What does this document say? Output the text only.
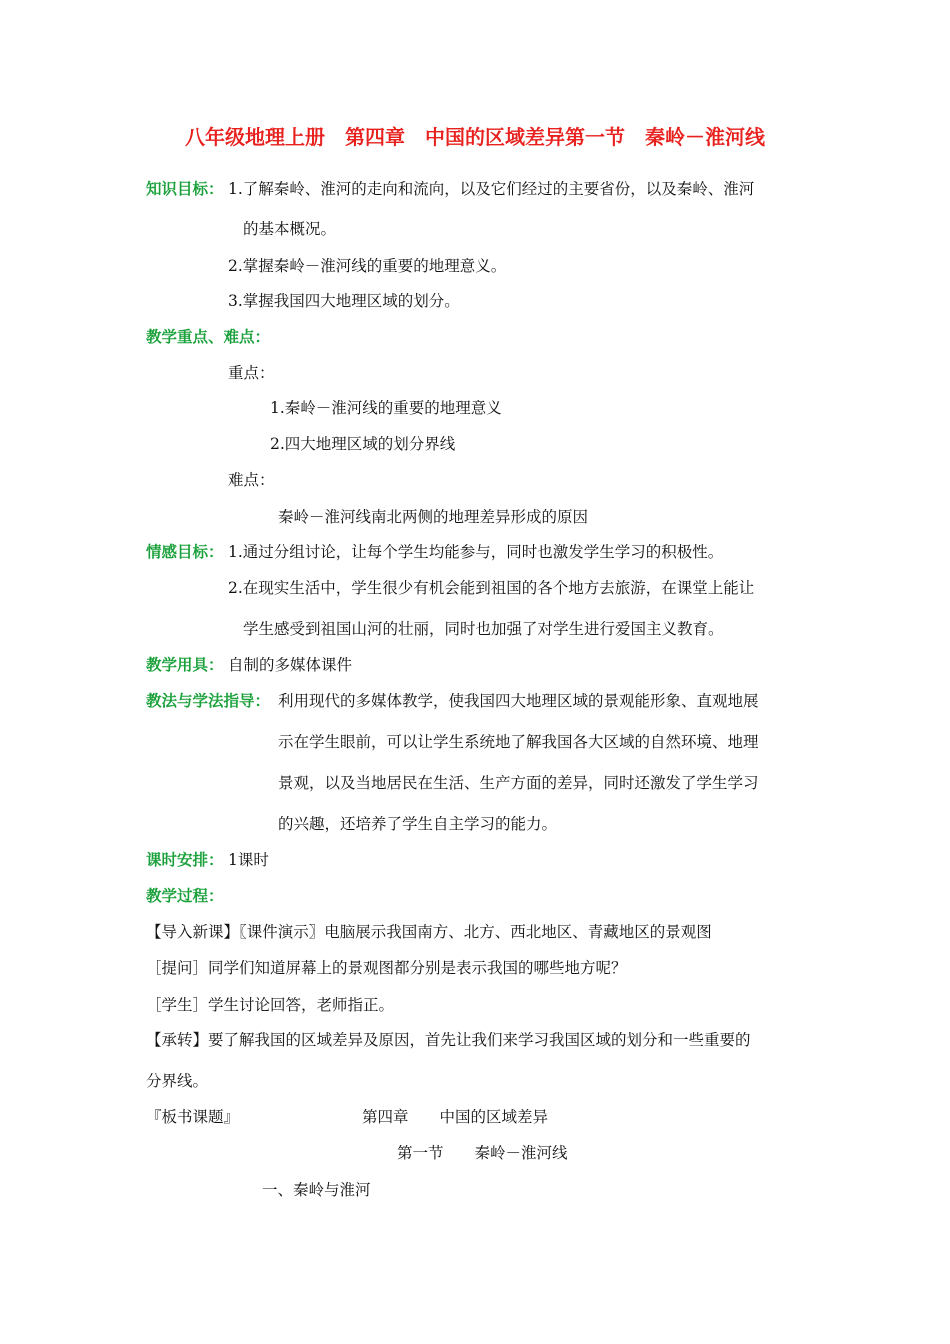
八年级地理上册　第四章　中国的区域差异第一节　秦岭－淮河线
知识目标： 1.了解秦岭、淮河的走向和流向，以及它们经过的主要省份，以及秦岭、淮河
的基本概况。
2.掌握秦岭－淮河线的重要的地理意义。
3.掌握我国四大地理区域的划分。
教学重点、难点：
重点：
1.秦岭－淮河线的重要的地理意义
2.四大地理区域的划分界线
难点：
秦岭－淮河线南北两侧的地理差异形成的原因
情感目标： 1.通过分组讨论，让每个学生均能参与，同时也激发学生学习的积极性。
2.在现实生活中，学生很少有机会能到祖国的各个地方去旅游，在课堂上能让
学生感受到祖国山河的壮丽，同时也加强了对学生进行爱国主义教育。
教学用具： 自制的多媒体课件
教法与学法指导： 利用现代的多媒体教学，使我国四大地理区域的景观能形象、直观地展
示在学生眼前，可以让学生系统地了解我国各大区域的自然环境、地理
景观，以及当地居民在生活、生产方面的差异，同时还激发了学生学习
的兴趣，还培养了学生自主学习的能力。
课时安排： 1课时
教学过程：
【导入新课】〖课件演示〗电脑展示我国南方、北方、西北地区、青藏地区的景观图
［提问］同学们知道屏幕上的景观图都分别是表示我国的哪些地方呢？
［学生］学生讨论回答，老师指正。
【承转】要了解我国的区域差异及原因，首先让我们来学习我国区域的划分和一些重要的
分界线。
『板书课题』	第四章　　中国的区域差异
第一节　　秦岭－淮河线
一、秦岭与淮河
